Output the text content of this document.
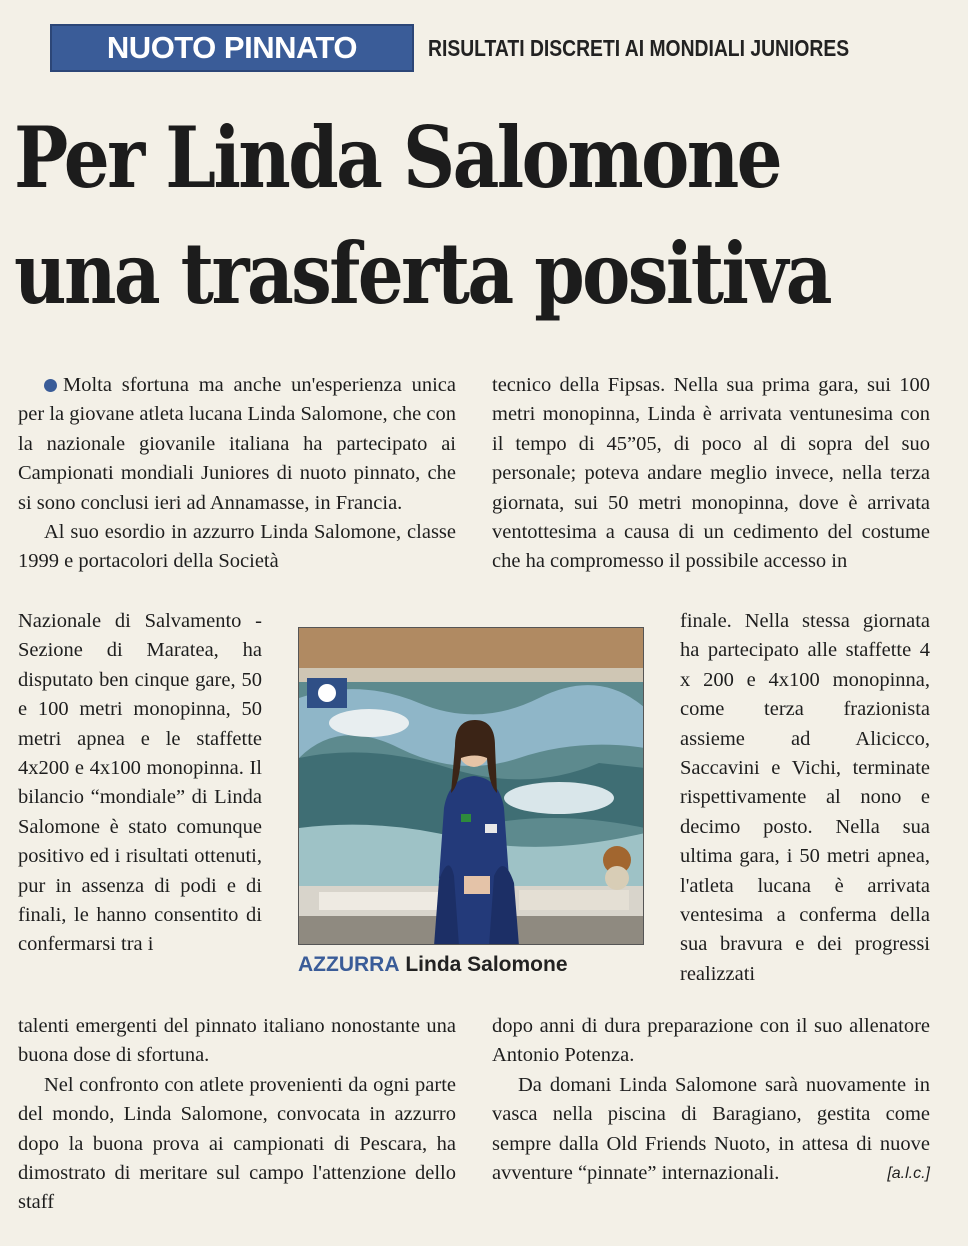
NUOTO PINNATO	RISULTATI DISCRETI AI MONDIALI JUNIORES
Per Linda Salomone
una trasferta positiva

Molta sfortuna ma anche un'esperienza unica per la giovane atleta lucana Linda Salomone, che con la nazionale giovanile italiana ha partecipato ai Campionati mondiali Juniores di nuoto pinnato, che si sono conclusi ieri ad Annamasse, in Francia.

Al suo esordio in azzurro Linda Salomone, classe 1999 e portacolori della Società

Nazionale di Salvamento - Sezione di Maratea, ha disputato ben cinque gare, 50 e 100 metri monopinna, 50 metri apnea e le staffette 4x200 e 4x100 monopinna. Il bilancio “mondiale” di Linda Salomone è stato comunque positivo ed i risultati ottenuti, pur in assenza di podi e di finali, le hanno consentito di confermarsi tra i

talenti emergenti del pinnato italiano nonostante una buona dose di sfortuna.

Nel confronto con atlete provenienti da ogni parte del mondo, Linda Salomone, convocata in azzurro dopo la buona prova ai campionati di Pescara, ha dimostrato di meritare sul campo l'attenzione dello staff

tecnico della Fipsas. Nella sua prima gara, sui 100 metri monopinna, Linda è arrivata ventunesima con il tempo di 45”05, di poco al di sopra del suo personale; poteva andare meglio invece, nella terza giornata, sui 50 metri monopinna, dove è arrivata ventottesima a causa di un cedimento del costume che ha compromesso il possibile accesso in

finale. Nella stessa giornata ha partecipato alle staffette 4 x 200 e 4x100 monopinna, come terza frazionista assieme ad Alicicco, Saccavini e Vichi, terminate rispettivamente al nono e decimo posto. Nella sua ultima gara, i 50 metri apnea, l'atleta lucana è arrivata ventesima a conferma della sua bravura e dei progressi realizzati

dopo anni di dura preparazione con il suo allenatore Antonio Potenza.

Da domani Linda Salomone sarà nuovamente in vasca nella piscina di Baragiano, gestita come sempre dalla Old Friends Nuoto, in attesa di nuove avventure “pinnate” internazionali.	[a.l.c.]

AZZURRA Linda Salomone
